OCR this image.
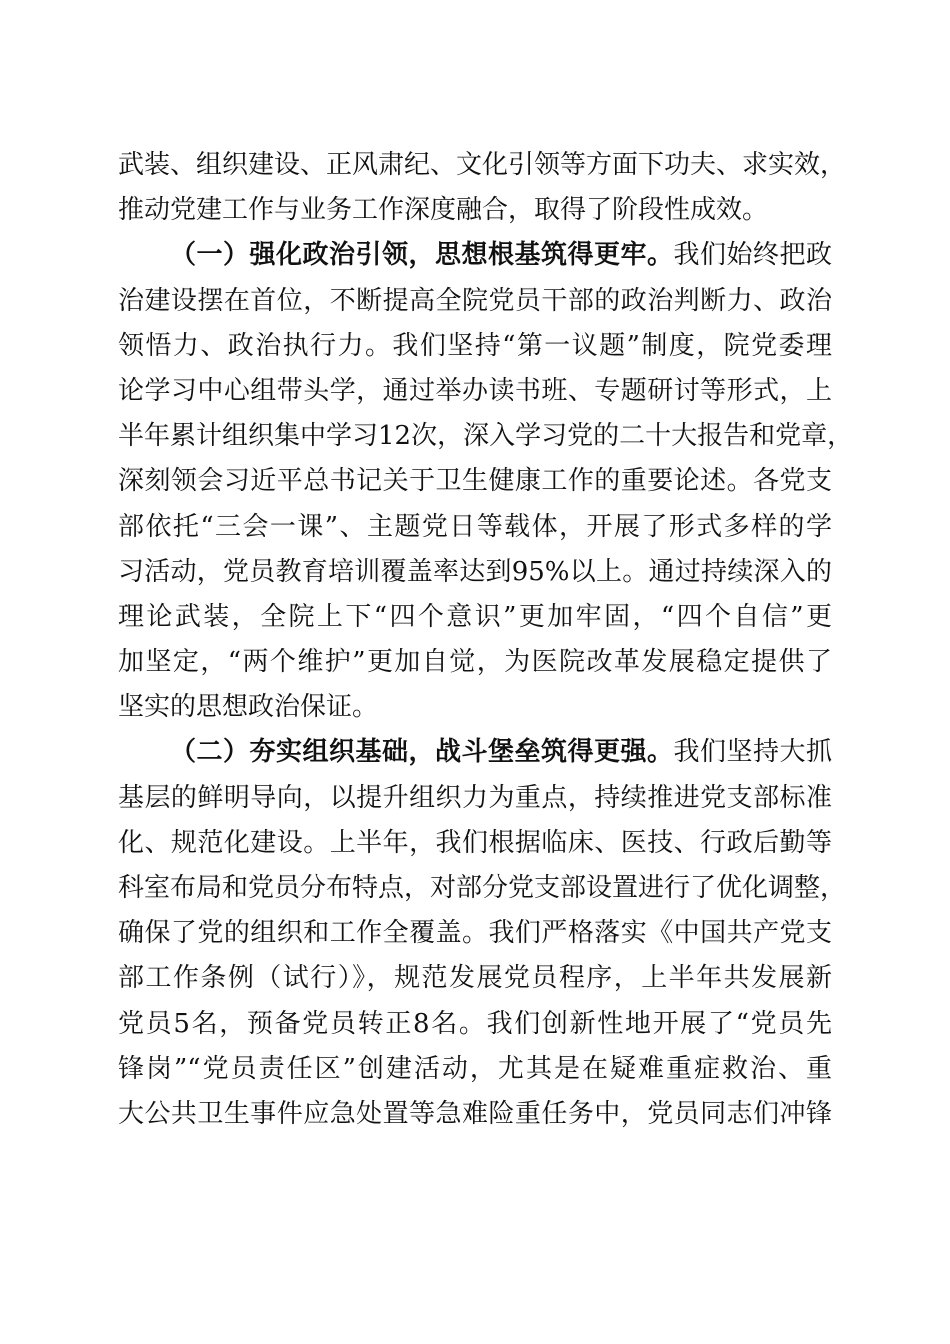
武装、组织建设、正风肃纪、文化引领等方面下功夫、求实效，
推动党建工作与业务工作深度融合，取得了阶段性成效。
（一）强化政治引领，思想根基筑得更牢。我们始终把政
治建设摆在首位，不断提高全院党员干部的政治判断力、政治
领悟力、政治执行力。我们坚持“第一议题”制度，院党委理
论学习中心组带头学，通过举办读书班、专题研讨等形式，上
半年累计组织集中学习12次，深入学习党的二十大报告和党章，
深刻领会习近平总书记关于卫生健康工作的重要论述。各党支
部依托“三会一课”、主题党日等载体，开展了形式多样的学
习活动，党员教育培训覆盖率达到95%以上。通过持续深入的
理论武装，全院上下“四个意识”更加牢固，“四个自信”更
加坚定，“两个维护”更加自觉，为医院改革发展稳定提供了
坚实的思想政治保证。
（二）夯实组织基础，战斗堡垒筑得更强。我们坚持大抓
基层的鲜明导向，以提升组织力为重点，持续推进党支部标准
化、规范化建设。上半年，我们根据临床、医技、行政后勤等
科室布局和党员分布特点，对部分党支部设置进行了优化调整，
确保了党的组织和工作全覆盖。我们严格落实《中国共产党支
部工作条例（试行）》，规范发展党员程序，上半年共发展新
党员5名，预备党员转正8名。我们创新性地开展了“党员先
锋岗”“党员责任区”创建活动，尤其是在疑难重症救治、重
大公共卫生事件应急处置等急难险重任务中，党员同志们冲锋
